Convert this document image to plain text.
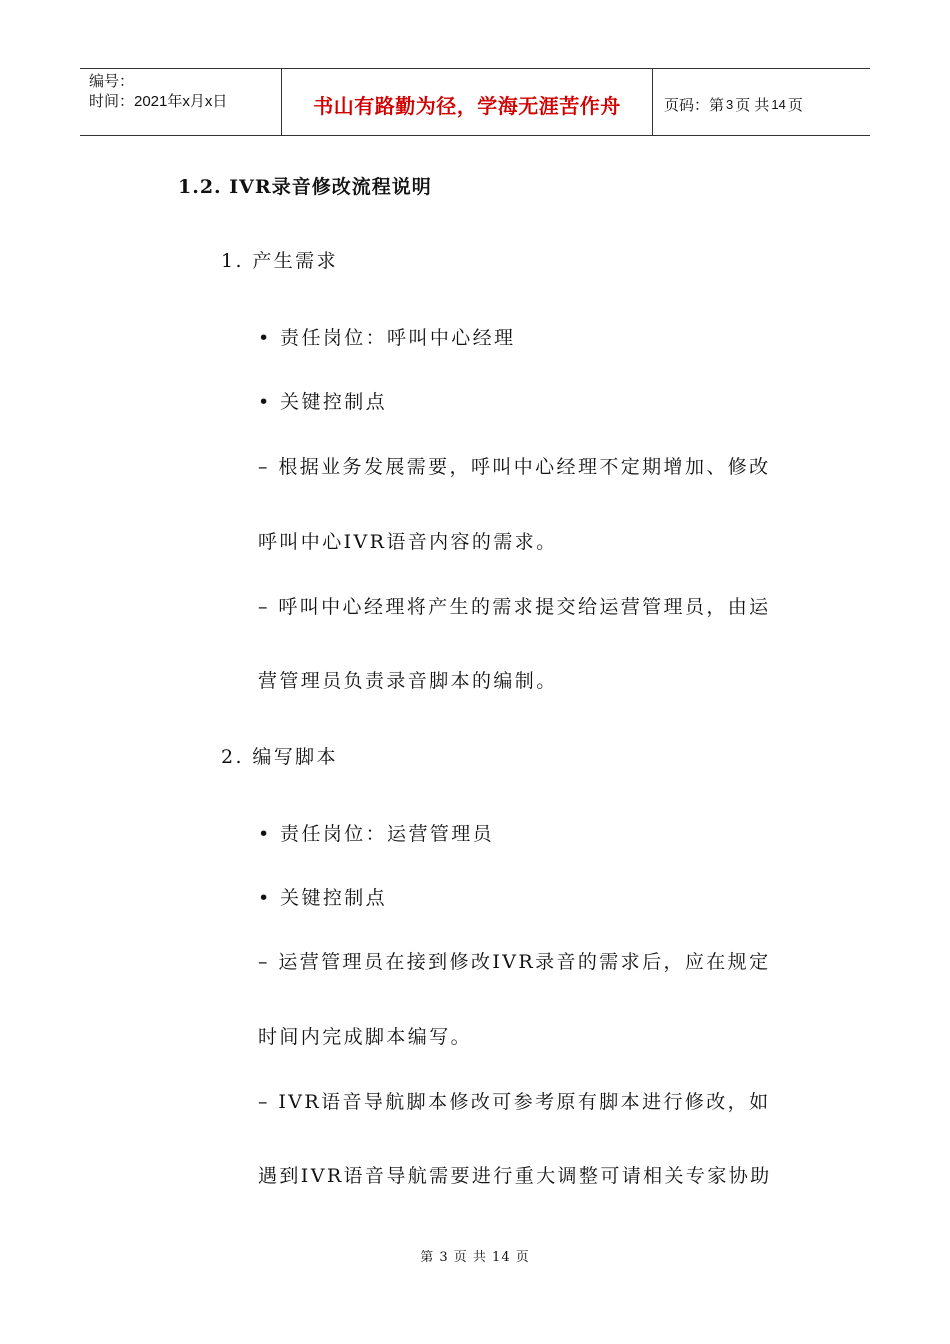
编号：
时间：2021年x月x日	书山有路勤为径，学海无涯苦作舟	页码：第 3 页 共 14 页
1.2. IVR录音修改流程说明
1. 产生需求
• 责任岗位：呼叫中心经理
• 关键控制点
– 根据业务发展需要，呼叫中心经理不定期增加、修改
呼叫中心IVR语音内容的需求。
– 呼叫中心经理将产生的需求提交给运营管理员，由运
营管理员负责录音脚本的编制。
2. 编写脚本
• 责任岗位：运营管理员
• 关键控制点
– 运营管理员在接到修改IVR录音的需求后，应在规定
时间内完成脚本编写。
– IVR语音导航脚本修改可参考原有脚本进行修改，如
遇到IVR语音导航需要进行重大调整可请相关专家协助
第 3 页 共 14 页
